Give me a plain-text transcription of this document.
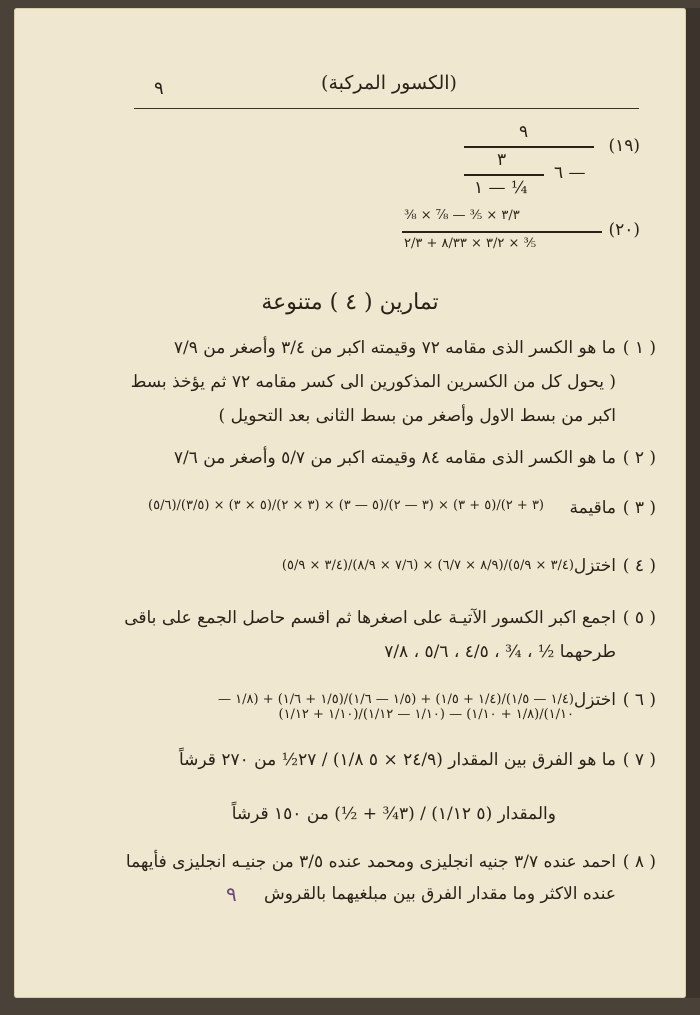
(الكسور المركبة)
٩
(١٩)
٩
٣
٦ —
١ — ¼
(٢٠)
⅜ × ⅞ — ⅗ × ٣/٣
٣/٢ × ٨/٣٣ + ٢/٣ × ⅗
تمارين ( ٤ ) متنوعة
( ١ )
ما هو الكسر الذى مقامه ٧٢ وقيمته اكبر من ٣/٤ وأصغر من ٧/٩
( يحول كل من الكسرين المذكورين الى كسر مقامه ٧٢ ثم يؤخذ بسط
اكبر من بسط الاول وأصغر من بسط الثانى بعد التحويل )
( ٢ )
ما هو الكسر الذى مقامه ٨٤ وقيمته اكبر من ٥/٧ وأصغر من ٧/٦
( ٣ )
ماقيمة
(٣ + ٢)/(٥ + ٣) × (٣ — ٢)/(٥ — ٣) × (٣ × ٢)/(٥ × ٣) × (٣/٥)/(٥/٦)
( ٤ )
اختزل
(٣/٤ × ٥/٩)/(٨/٩ × ٦/٧) × (٧/٦ × ٨/٩)/(٣/٤ × ٥/٩)
( ٥ )
اجمع اكبر الكسور الآتيـة على اصغرها ثم اقسم حاصل الجمع على باقى
طرحهما ½ ، ¾ ، ٤/٥ ، ٥/٦ ، ٧/٨
( ٦ )
اختزل
(١/٤ — ١/٥)/(١/٤ + ١/٥) + (١/٥ — ١/٦)/(١/٥ + ١/٦) + (١/٨ — ١/١٠)/(١/٨ + ١/١٠) — (١/١٠ — ١/١٢)/(١/١٠ + ١/١٢)
( ٧ )
ما هو الفرق بين المقدار (٢٤/٩ × ٥ ١/٨) / ٢٧½ من ٢٧٠ قرشاً
والمقدار (٥ ١/١٢) / (٣¾ + ½) من ١٥٠ قرشاً
( ٨ )
احمد عنده ٣/٧ جنيه انجليزى ومحمد عنده ٣/٥ من جنيـه انجليزى فأيهما
عنده الاكثر وما مقدار الفرق بين مبلغيهما بالقروش
٩
